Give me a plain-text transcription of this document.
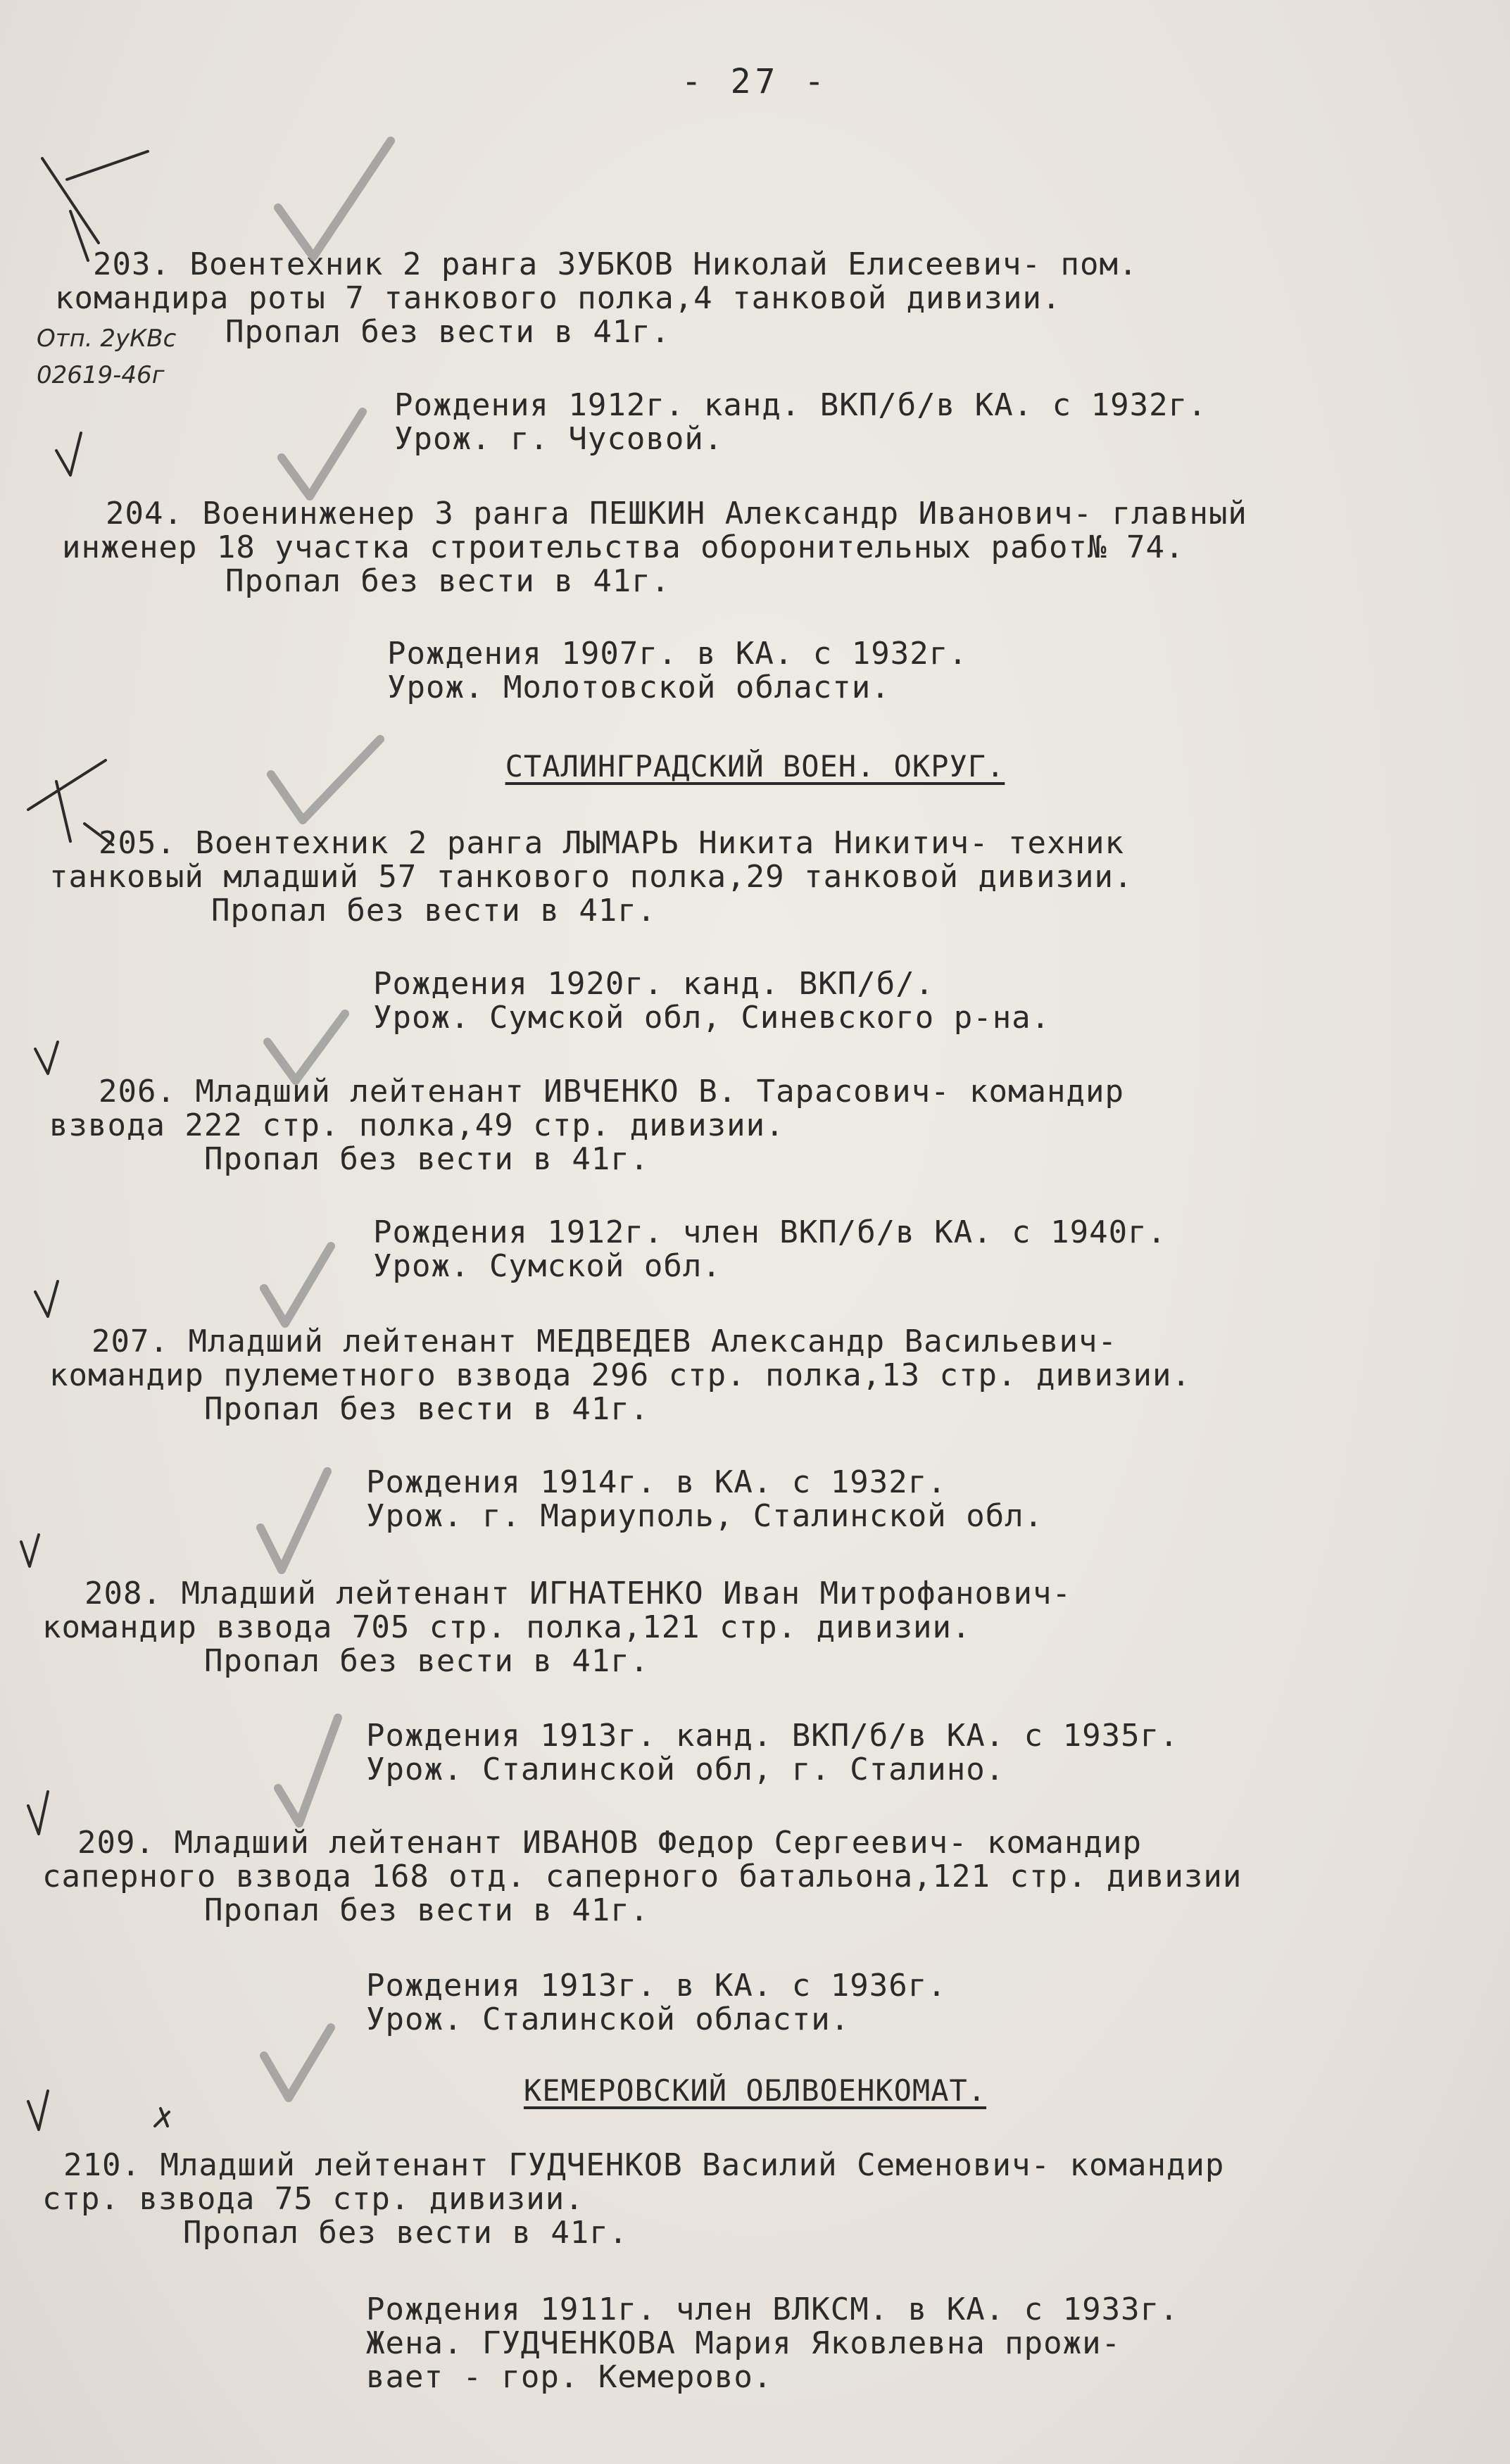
- 27 -
Отп. 2уКВс
02619-46г
203. Воентехник 2 ранга ЗУБКОВ Николай Елисеевич- пом.
командира роты 7 танкового полка,4 танковой дивизии.
Пропал без вести в 41г.
Рождения 1912г. канд. ВКП/б/в КА. с 1932г.
Урож. г. Чусовой.
204. Военинженер 3 ранга ПЕШКИН Александр Иванович- главный
инженер 18 участка строительства оборонительных работ№ 74.
Пропал без вести в 41г.
Рождения 1907г. в КА. с 1932г.
Урож. Молотовской области.
СТАЛИНГРАДСКИЙ ВОЕН. ОКРУГ.
205. Воентехник 2 ранга ЛЫМАРЬ Никита Никитич- техник
танковый младший 57 танкового полка,29 танковой дивизии.
Пропал без вести в 41г.
Рождения 1920г. канд. ВКП/б/.
Урож. Сумской обл, Синевского р-на.
206. Младший лейтенант ИВЧЕНКО В. Тарасович- командир
взвода 222 стр. полка,49 стр. дивизии.
Пропал без вести в 41г.
Рождения 1912г. член ВКП/б/в КА. с 1940г.
Урож. Сумской обл.
207. Младший лейтенант МЕДВЕДЕВ Александр Васильевич-
командир пулеметного взвода 296 стр. полка,13 стр. дивизии.
Пропал без вести в 41г.
Рождения 1914г. в КА. с 1932г.
Урож. г. Мариуполь, Сталинской обл.
208. Младший лейтенант ИГНАТЕНКО Иван Митрофанович-
командир взвода 705 стр. полка,121 стр. дивизии.
Пропал без вести в 41г.
Рождения 1913г. канд. ВКП/б/в КА. с 1935г.
Урож. Сталинской обл, г. Сталино.
209. Младший лейтенант ИВАНОВ Федор Сергеевич- командир
саперного взвода 168 отд. саперного батальона,121 стр. дивизии
Пропал без вести в 41г.
Рождения 1913г. в КА. с 1936г.
Урож. Сталинской области.
КЕМЕРОВСКИЙ ОБЛВОЕНКОМАТ.
210. Младший лейтенант ГУДЧЕНКОВ Василий Семенович- командир
стр. взвода 75 стр. дивизии.
Пропал без вести в 41г.
Рождения 1911г. член ВЛКСМ. в КА. с 1933г.
Жена. ГУДЧЕНКОВА Мария Яковлевна прожи-
вает - гор. Кемерово.
